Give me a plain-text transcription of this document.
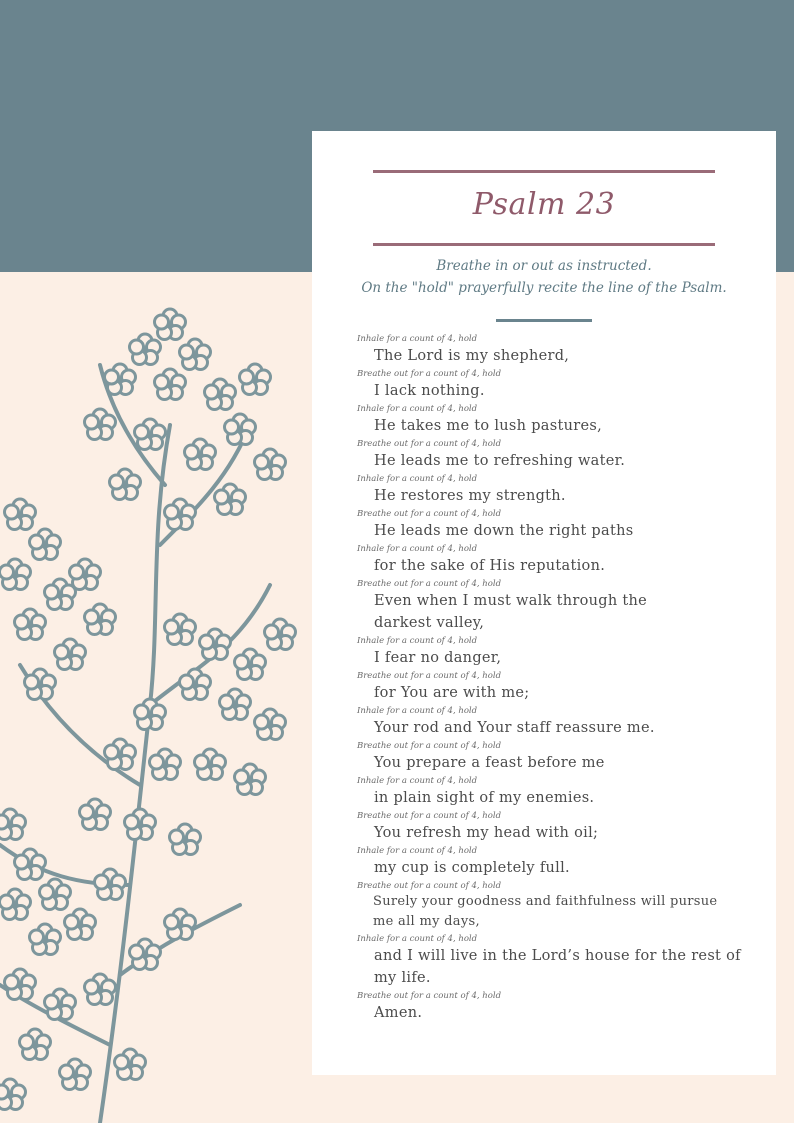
Psalm 23
Breathe in or out as instructed.
On the "hold" prayerfully recite the line of the Psalm.
Inhale for a count of 4, hold
The Lord is my shepherd,
Breathe out for a count of 4, hold
I lack nothing.
Inhale for a count of 4, hold
He takes me to lush pastures,
Breathe out for a count of 4, hold
He leads me to refreshing water.
Inhale for a count of 4, hold
He restores my strength.
Breathe out for a count of 4, hold
He leads me down the right paths
Inhale for a count of 4, hold
for the sake of His reputation.
Breathe out for a count of 4, hold
Even when I must walk through the darkest valley,
Inhale for a count of 4, hold
I fear no danger,
Breathe out for a count of 4, hold
for You are with me;
Inhale for a count of 4, hold
Your rod and Your staff reassure me.
Breathe out for a count of 4, hold
You prepare a feast before me
Inhale for a count of 4, hold
in plain sight of my enemies.
Breathe out for a count of 4, hold
You refresh my head with oil;
Inhale for a count of 4, hold
my cup is completely full.
Breathe out for a count of 4, hold
Surely your goodness and faithfulness will pursue me all my days,
Inhale for a count of 4, hold
and I will live in the Lord’s house for the rest of my life.
Breathe out for a count of 4, hold
Amen.
